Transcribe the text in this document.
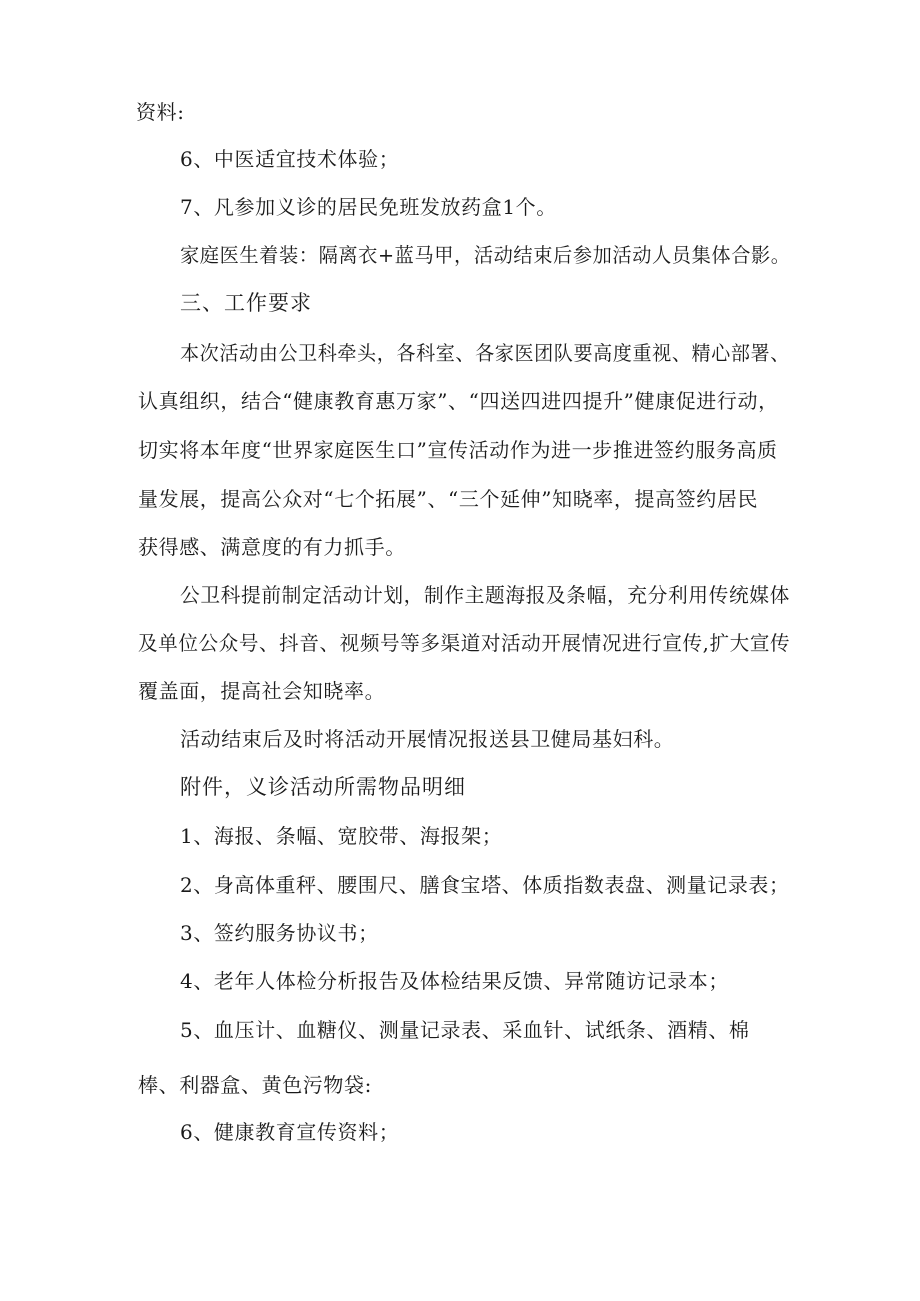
资料:
6、中医适宜技术体验；
7、凡参加义诊的居民免班发放药盒1个。
家庭医生着装：隔离衣+蓝马甲，活动结束后参加活动人员集体合影。
三、工作要求
本次活动由公卫科牵头，各科室、各家医团队要高度重视、精心部署、
认真组织，结合“健康教育惠万家”、“四送四进四提升”健康促进行动，
切实将本年度“世界家庭医生口”宣传活动作为进一步推进签约服务高质
量发展，提高公众对“七个拓展”、“三个延伸”知晓率，提高签约居民
获得感、满意度的有力抓手。
公卫科提前制定活动计划，制作主题海报及条幅，充分利用传统媒体
及单位公众号、抖音、视频号等多渠道对活动开展情况进行宣传,扩大宣传
覆盖面，提高社会知晓率。
活动结束后及时将活动开展情况报送县卫健局基妇科。
附件，义诊活动所需物品明细
1、海报、条幅、宽胶带、海报架；
2、身高体重秤、腰围尺、膳食宝塔、体质指数表盘、测量记录表；
3、签约服务协议书；
4、老年人体检分析报告及体检结果反馈、异常随访记录本；
5、血压计、血糖仪、测量记录表、采血针、试纸条、酒精、棉
棒、利器盒、黄色污物袋:
6、健康教育宣传资料；
